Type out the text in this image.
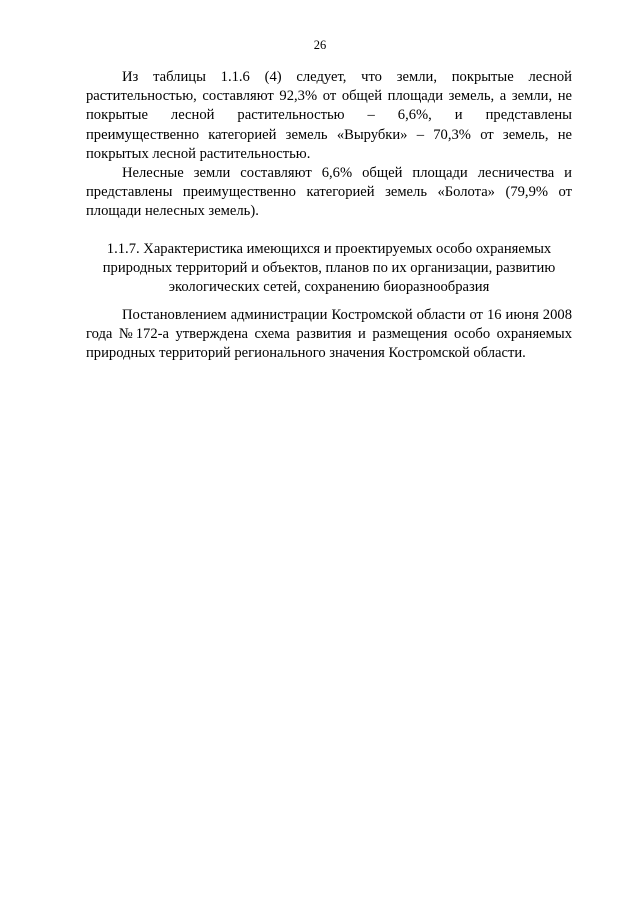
26

Из таблицы 1.1.6 (4) следует, что земли, покрытые лесной растительностью, составляют 92,3% от общей площади земель, а земли, не покрытые лесной растительностью – 6,6%, и представлены преимущественно категорией земель «Вырубки» – 70,3% от земель, не покрытых лесной растительностью.

Нелесные земли составляют 6,6% общей площади лесничества и представлены преимущественно категорией земель «Болота» (79,9% от площади нелесных земель).

1.1.7. Характеристика имеющихся и проектируемых особо охраняемых природных территорий и объектов, планов по их организации, развитию экологических сетей, сохранению биоразнообразия

Постановлением администрации Костромской области от 16 июня 2008 года №172-а утверждена схема развития и размещения особо охраняемых природных территорий регионального значения Костромской области.
